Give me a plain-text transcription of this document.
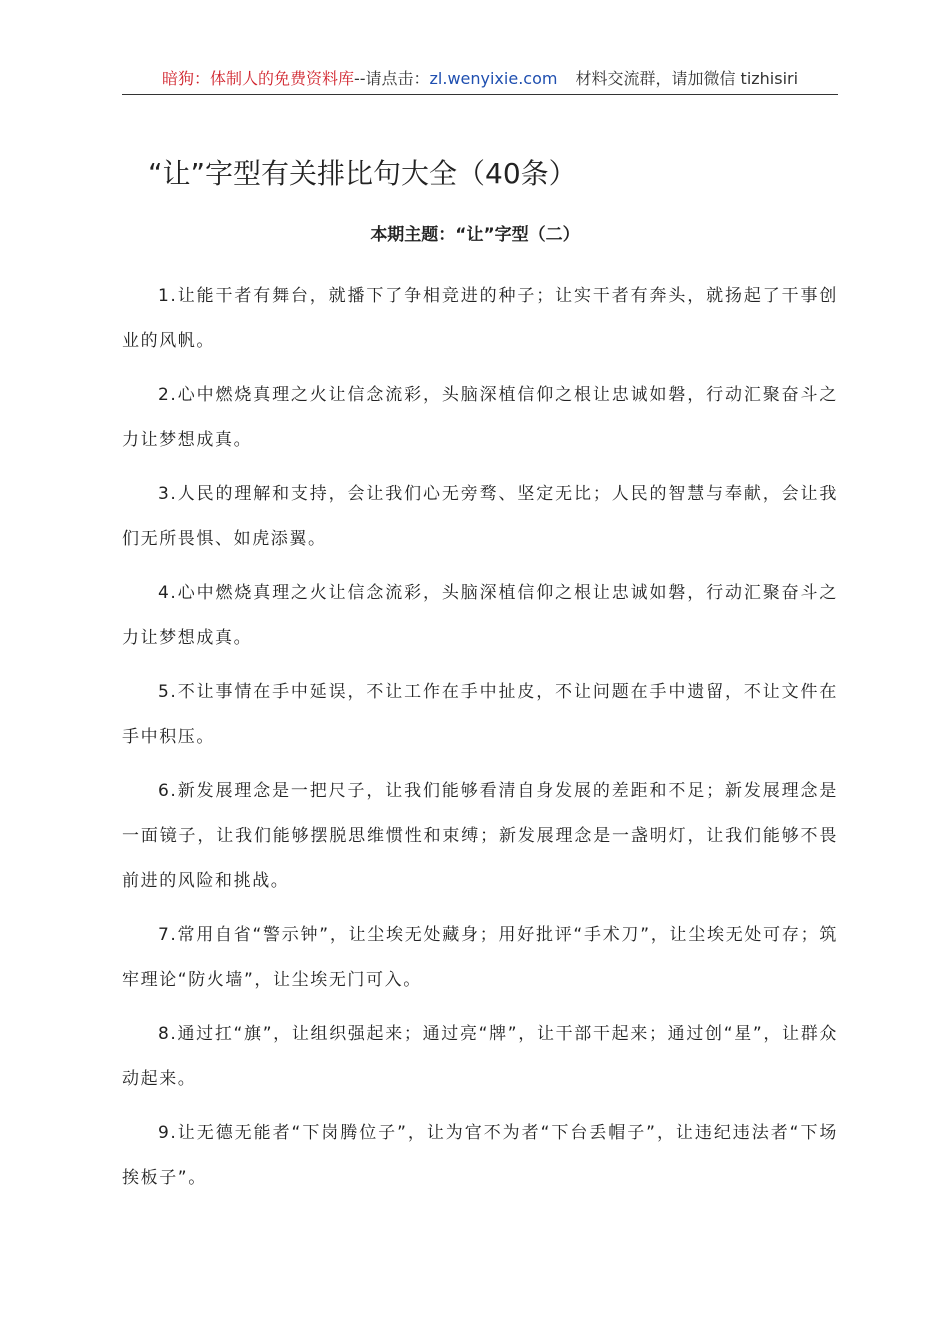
暗狗：体制人的免费资料库--请点击：zl.wenyixie.com 材料交流群，请加微信 tizhisiri
“让”字型有关排比句大全（40条）
本期主题：“让”字型（二）

1.让能干者有舞台，就播下了争相竞进的种子；让实干者有奔头，就扬起了干事创业的风帆。

2.心中燃烧真理之火让信念流彩，头脑深植信仰之根让忠诚如磐，行动汇聚奋斗之力让梦想成真。

3.人民的理解和支持，会让我们心无旁骛、坚定无比；人民的智慧与奉献，会让我们无所畏惧、如虎添翼。

4.心中燃烧真理之火让信念流彩，头脑深植信仰之根让忠诚如磐，行动汇聚奋斗之力让梦想成真。

5.不让事情在手中延误，不让工作在手中扯皮，不让问题在手中遗留，不让文件在手中积压。

6.新发展理念是一把尺子，让我们能够看清自身发展的差距和不足；新发展理念是一面镜子，让我们能够摆脱思维惯性和束缚；新发展理念是一盏明灯，让我们能够不畏前进的风险和挑战。

7.常用自省“警示钟”，让尘埃无处藏身；用好批评“手术刀”，让尘埃无处可存；筑牢理论“防火墙”，让尘埃无门可入。

8.通过扛“旗”，让组织强起来；通过亮“牌”，让干部干起来；通过创“星”，让群众动起来。

9.让无德无能者“下岗腾位子”，让为官不为者“下台丢帽子”，让违纪违法者“下场挨板子”。
